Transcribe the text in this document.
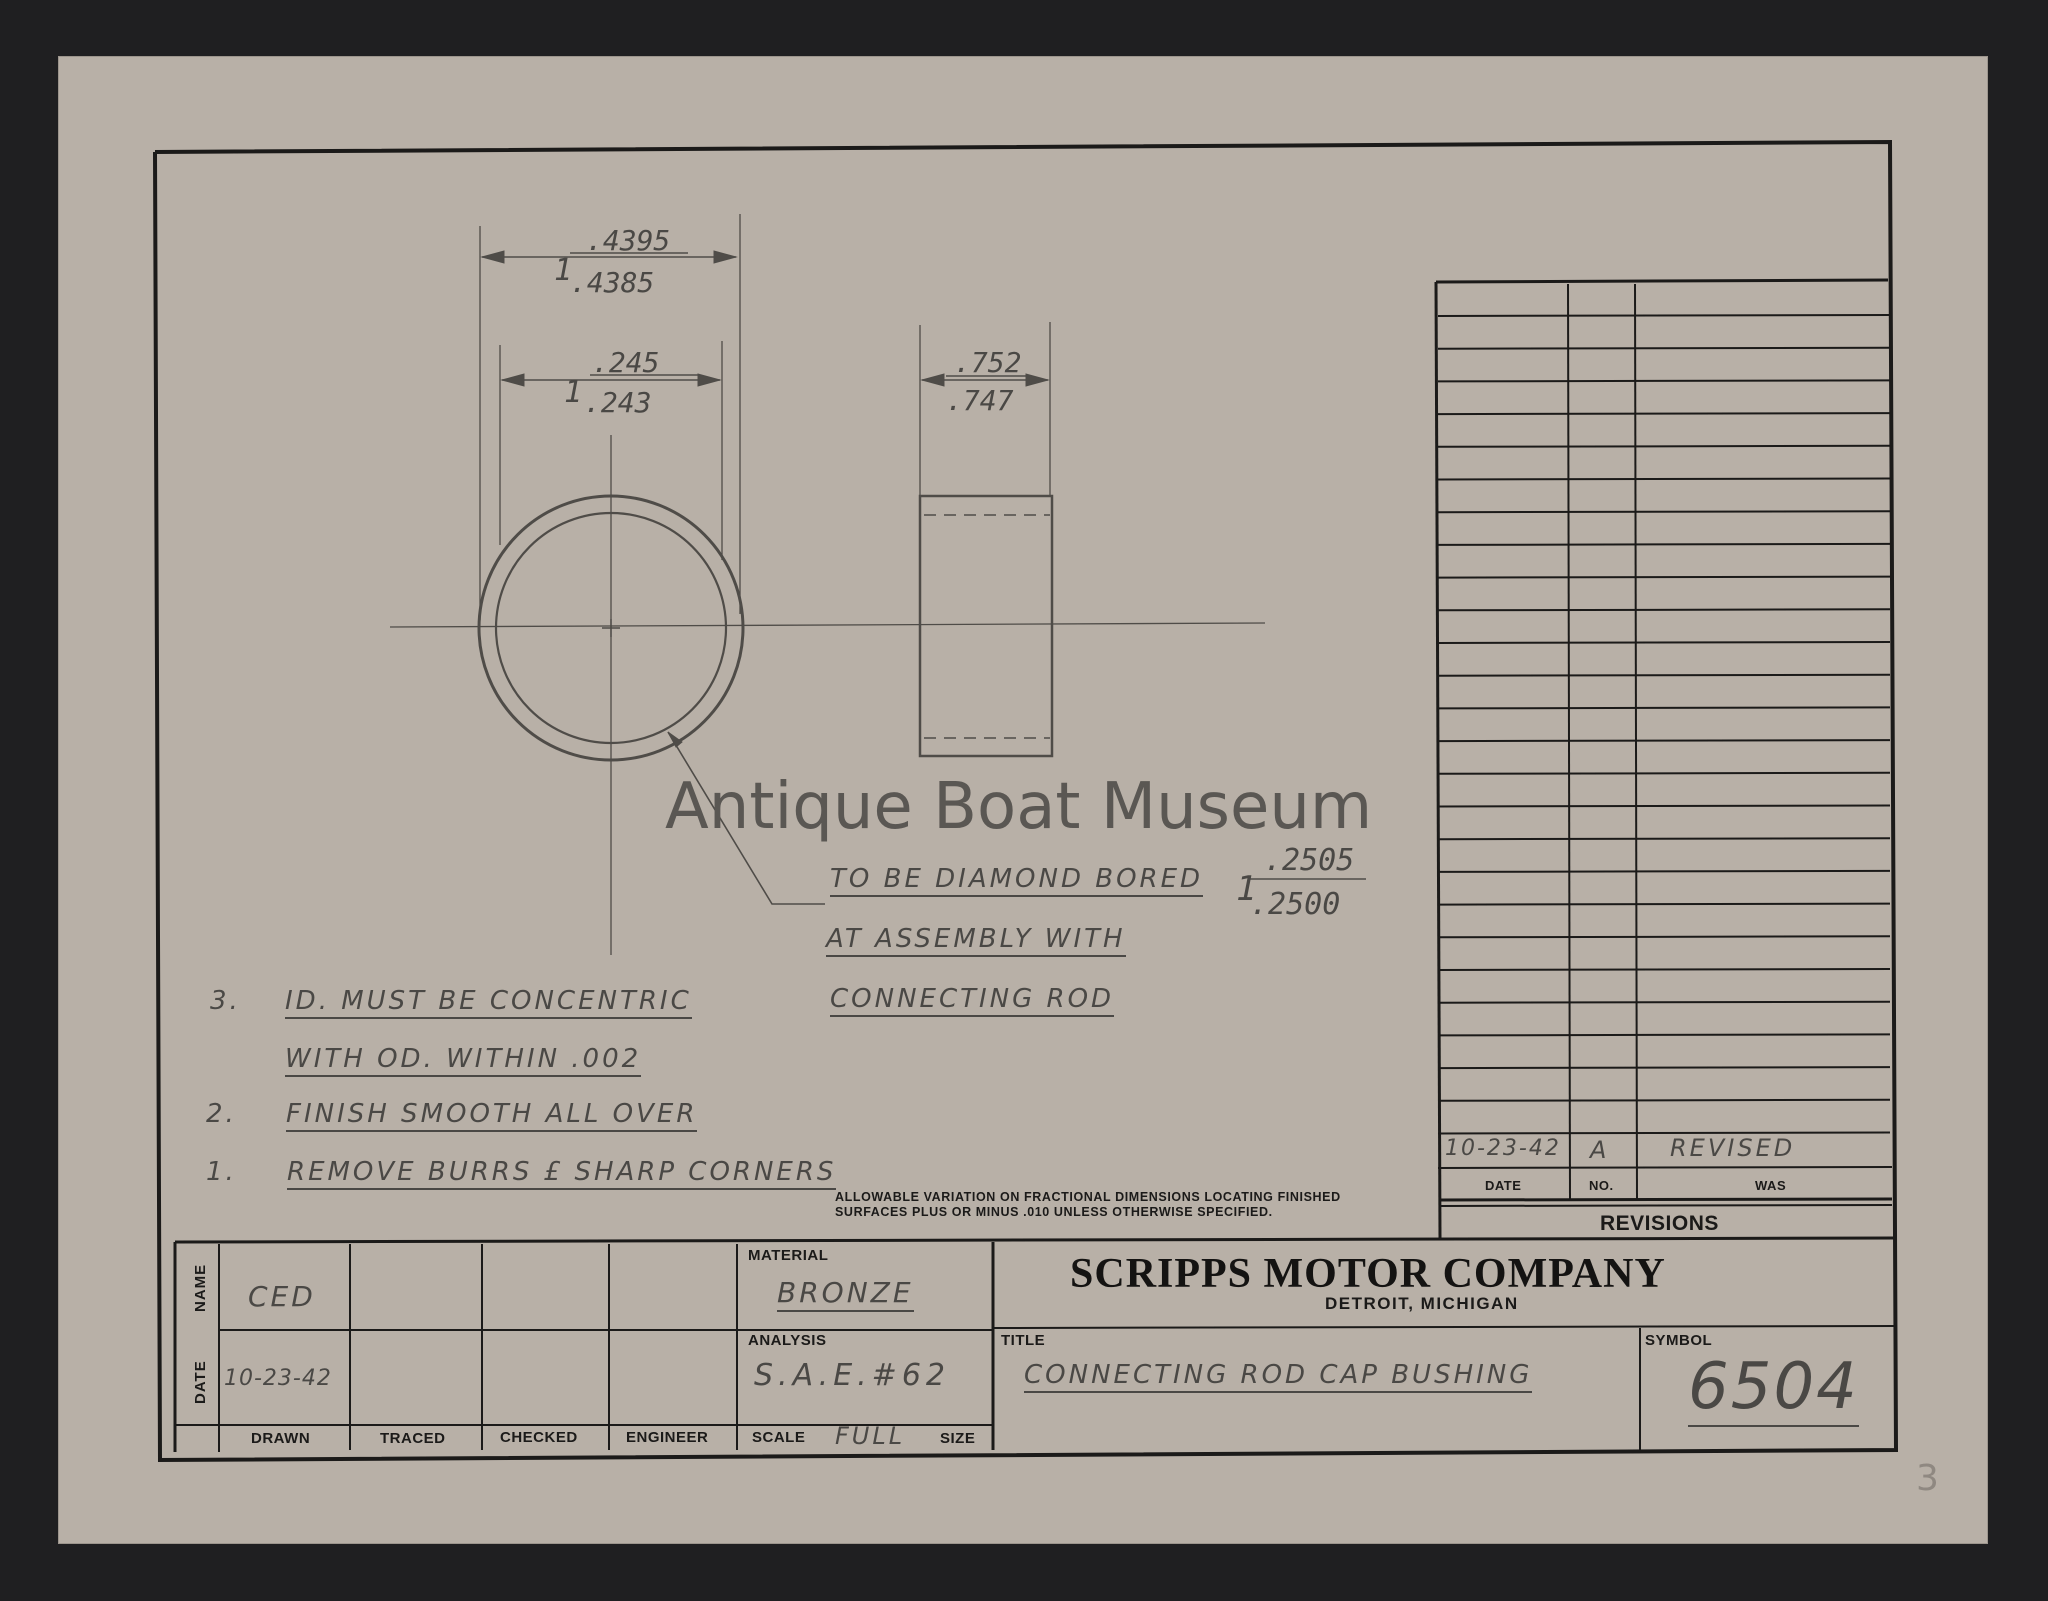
1
.4395
.4385
1
.245
.243
.752
.747
1
.2505
.2500
TO BE DIAMOND BORED
AT ASSEMBLY WITH
CONNECTING ROD
3. ID. MUST BE CONCENTRIC
WITH OD. WITHIN .002
2. FINISH SMOOTH ALL OVER
1. REMOVE BURRS £ SHARP CORNERS
ALLOWABLE VARIATION ON FRACTIONAL DIMENSIONS LOCATING FINISHED SURFACES PLUS OR MINUS .010 UNLESS OTHERWISE SPECIFIED.
Antique Boat Museum
10-23-42 A	REVISED
DATE	NO.	WAS
REVISIONS
NAME
DATE
CED
10-23-42
DRAWN	TRACED	CHECKED	ENGINEER
MATERIAL
BRONZE
ANALYSIS
S.A.E.#62
SCALE FULL SIZE
SCRIPPS MOTOR COMPANY
DETROIT, MICHIGAN
TITLE
CONNECTING ROD CAP BUSHING
SYMBOL
6504
3
